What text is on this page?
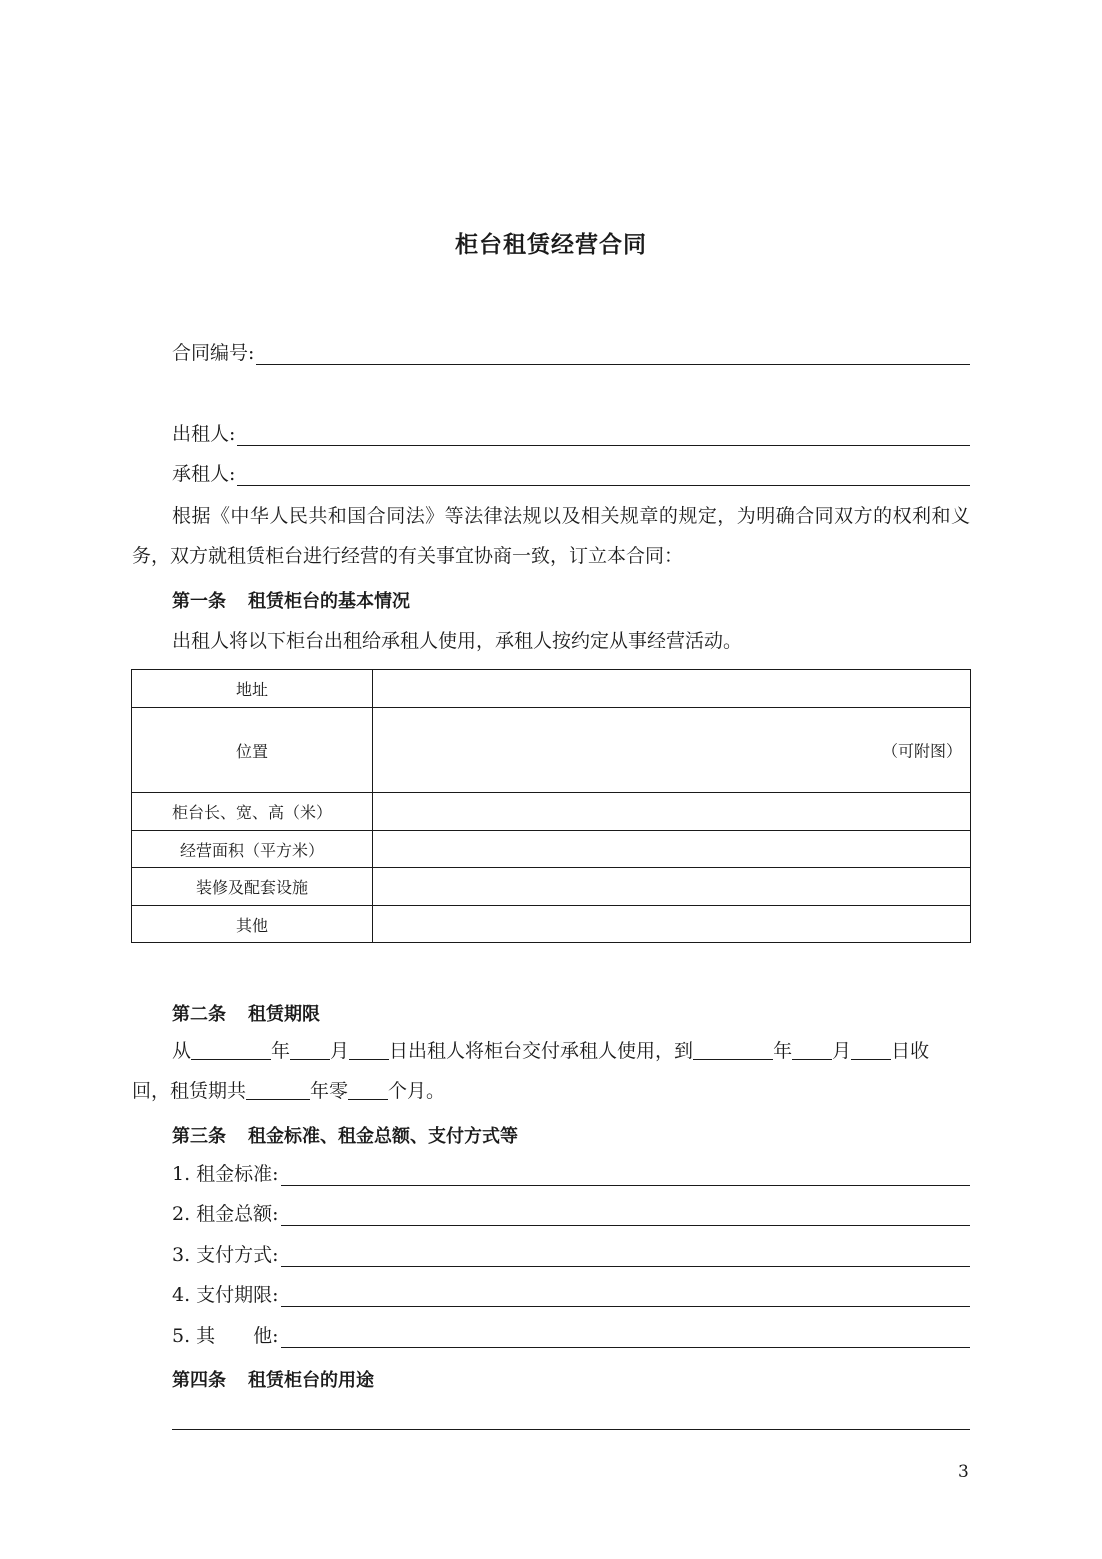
柜台租赁经营合同
合同编号:
出租人:
承租人:
根据《中华人民共和国合同法》等法律法规以及相关规章的规定，为明确合同双方的权利和义务，双方就租赁柜台进行经营的有关事宜协商一致，订立本合同：
第一条 租赁柜台的基本情况
出租人将以下柜台出租给承租人使用，承租人按约定从事经营活动。
地址	
位置	（可附图）

柜台长、宽、高（米）	
经营面积（平方米）	
装修及配套设施	
其他	
第二条 租赁期限
从	年 月 日出租人将柜台交付承租人使用，到	年 月 日收
回，租赁期共	年零 个月。
第三条 租金标准、租金总额、支付方式等
1. 租金标准:
2. 租金总额:
3. 支付方式:
4. 支付期限:
5. 其　　他:
第四条 租赁柜台的用途
3
